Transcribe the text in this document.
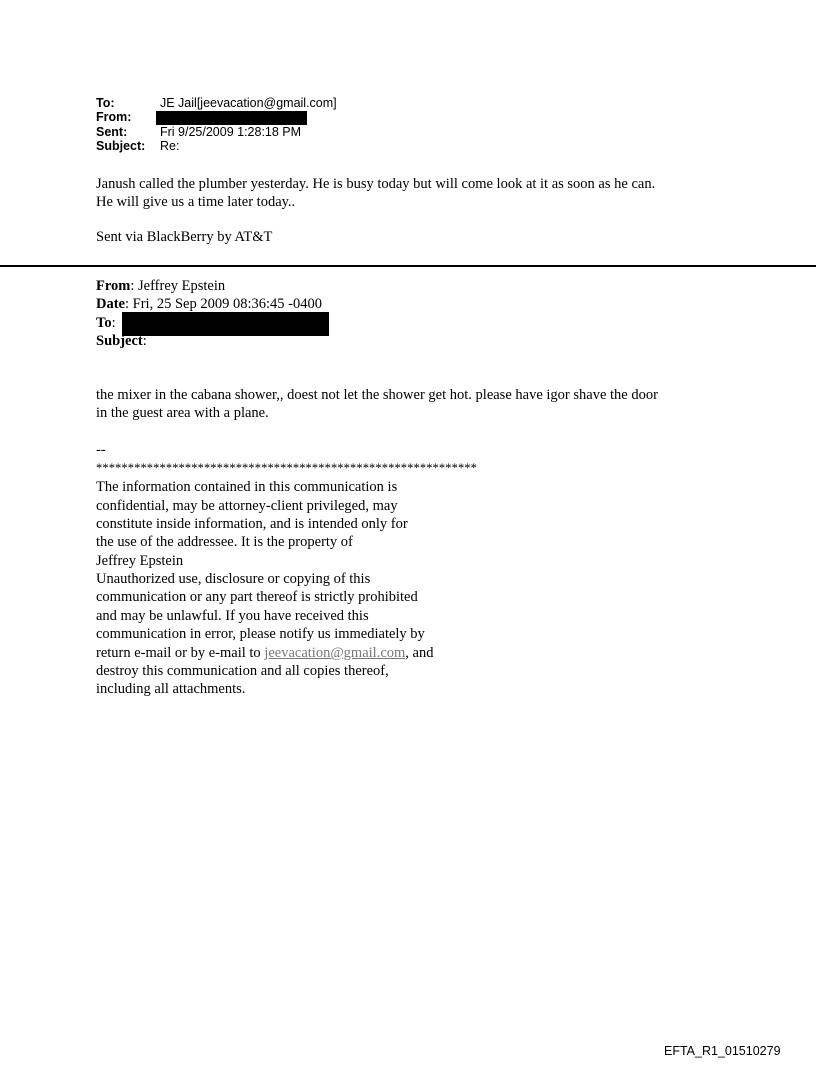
To:	JE Jail[jeevacation@gmail.com]
From:
Sent:	Fri 9/25/2009 1:28:18 PM
Subject: Re:
Janush called the plumber yesterday. He is busy today but will come look at it as soon as he can.
He will give us a time later today..
Sent via BlackBerry by AT&T
From: Jeffrey Epstein
Date: Fri, 25 Sep 2009 08:36:45 -0400
To:
Subject:
the mixer in the cabana shower,, doest not let the shower get hot. please have igor shave the door
in the guest area with a plane.
--
************************************************************
The information contained in this communication is
confidential, may be attorney-client privileged, may
constitute inside information, and is intended only for
the use of the addressee. It is the property of
Jeffrey Epstein
Unauthorized use, disclosure or copying of this
communication or any part thereof is strictly prohibited
and may be unlawful. If you have received this
communication in error, please notify us immediately by
return e-mail or by e-mail to jeevacation@gmail.com, and
destroy this communication and all copies thereof,
including all attachments.
EFTA_R1_01510279
